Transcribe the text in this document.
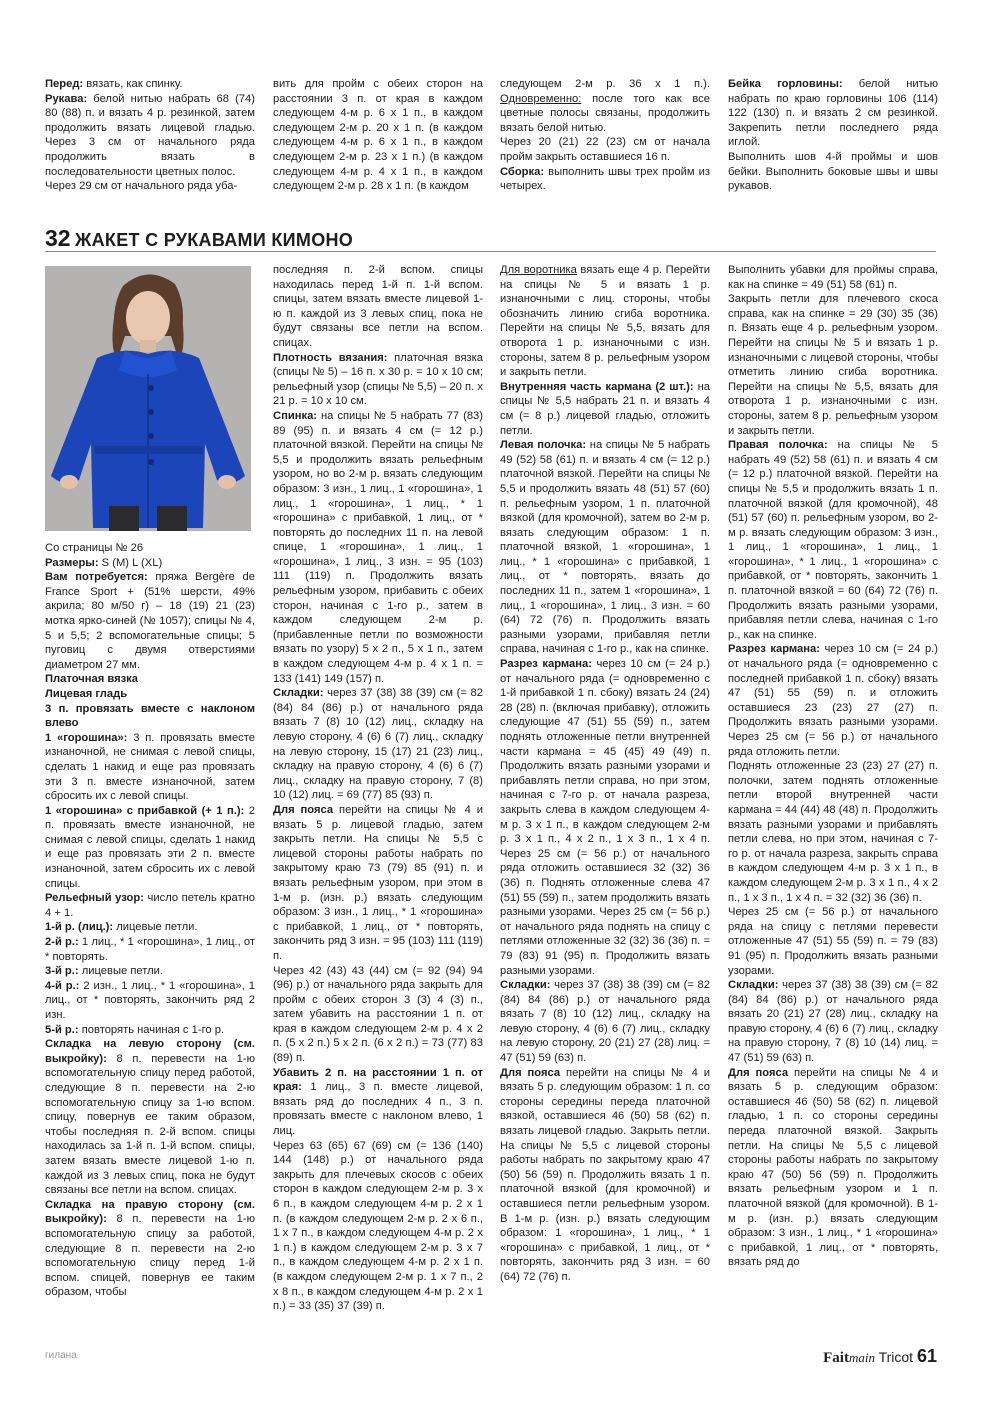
Перед: вязать, как спинку.

Рукава: белой нитью набрать 68 (74) 80 (88) п. и вязать 4 р. резинкой, затем продолжить вязать лицевой гладью. Через 3 см от начального ряда продолжить вязать в последовательности цветных полос.

Через 29 см от начального ряда уба-

вить для пройм с обеих сторон на расстоянии 3 п. от края в каждом следующем 4-м р. 6 х 1 п., в каждом следующем 2-м р. 20 х 1 п. (в каждом следующем 4-м р. 6 х 1 п., в каждом следующем 2-м р. 23 х 1 п.) (в каждом следующем 4-м р. 4 х 1 п., в каждом следующем 2-м р. 28 х 1 п. (в каждом

следующем 2-м р. 36 х 1 п.). Одновременно: после того как все цветные полосы связаны, продолжить вязать белой нитью.

Через 20 (21) 22 (23) см от начала пройм закрыть оставшиеся 16 п.

Сборка: выполнить швы трех пройм из четырех.

Бейка горловины: белой нитью набрать по краю горловины 106 (114) 122 (130) п. и вязать 2 см резинкой. Закрепить петли последнего ряда иглой.

Выполнить шов 4-й проймы и шов бейки. Выполнить боковые швы и швы рукавов.

32 ЖАКЕТ С РУКАВАМИ КИМОНО

Со страницы № 26

Размеры: S (M) L (XL)

Вам потребуется: пряжа Bergère de France Sport + (51% шерсти, 49% акрила; 80 м/50 г) – 18 (19) 21 (23) мотка ярко-синей (№ 1057); спицы № 4, 5 и 5,5; 2 вспомогательные спицы; 5 пуговиц с двумя отверстиями диаметром 27 мм.

Платочная вязка

Лицевая гладь

3 п. провязать вместе с наклоном влево

1 «горошина»: 3 п. провязать вместе изнаночной, не снимая с левой спицы, сделать 1 накид и еще раз провязать эти 3 п. вместе изнаночной, затем сбросить их с левой спицы.

1 «горошина» с прибавкой (+ 1 п.): 2 п. провязать вместе изнаночной, не снимая с левой спицы, сделать 1 накид и еще раз провязать эти 2 п. вместе изнаночной, затем сбросить их с левой спицы.

Рельефный узор: число петель кратно 4 + 1.

1-й р. (лиц.): лицевые петли.

2-й р.: 1 лиц., * 1 «горошина», 1 лиц., от * повторять.

3-й р.: лицевые петли.

4-й р.: 2 изн., 1 лиц., * 1 «горошина», 1 лиц., от * повторять, закончить ряд 2 изн.

5-й р.: повторять начиная с 1-го р.

Складка на левую сторону (см. выкройку): 8 п. перевести на 1-ю вспомогательную спицу перед работой, следующие 8 п. перевести на 2-ю вспомогательную спицу за 1-ю вспом. спицу, повернув ее таким образом, чтобы последняя п. 2-й вспом. спицы находилась за 1-й п. 1-й вспом. спицы, затем вязать вместе лицевой 1-ю п. каждой из 3 левых спиц, пока не будут связаны все петли на вспом. спицах.

Складка на правую сторону (см. выкройку): 8 п. перевести на 1-ю вспомогательную спицу за работой, следующие 8 п. перевести на 2-ю вспомогательную спицу перед 1-й вспом. спицей, повернув ее таким образом, чтобы

последняя п. 2-й вспом. спицы находилась перед 1-й п. 1-й вспом. спицы, затем вязать вместе лицевой 1-ю п. каждой из 3 левых спиц, пока не будут связаны все петли на вспом. спицах.

Плотность вязания: платочная вязка (спицы № 5) – 16 п. х 30 р. = 10 х 10 см; рельефный узор (спицы № 5,5) – 20 п. х 21 р. = 10 х 10 см.

Спинка: на спицы № 5 набрать 77 (83) 89 (95) п. и вязать 4 см (= 12 р.) платочной вязкой. Перейти на спицы № 5,5 и продолжить вязать рельефным узором, но во 2-м р. вязать следующим образом: 3 изн., 1 лиц., 1 «горошина», 1 лиц., 1 «горошина», 1 лиц., * 1 «горошина» с прибавкой, 1 лиц., от * повторять до последних 11 п. на левой спице, 1 «горошина», 1 лиц., 1 «горошина», 1 лиц., 3 изн. = 95 (103) 111 (119) п. Продолжить вязать рельефным узором, прибавить с обеих сторон, начиная с 1-го р., затем в каждом следующем 2-м р. (прибавленные петли по возможности вязать по узору) 5 х 2 п., 5 х 1 п., затем в каждом следующем 4-м р. 4 х 1 п. = 133 (141) 149 (157) п.

Складки: через 37 (38) 38 (39) см (= 82 (84) 84 (86) р.) от начального ряда вязать 7 (8) 10 (12) лиц., складку на левую сторону, 4 (6) 6 (7) лиц., складку на левую сторону, 15 (17) 21 (23) лиц., складку на правую сторону, 4 (6) 6 (7) лиц., складку на правую сторону, 7 (8) 10 (12) лиц. = 69 (77) 85 (93) п.

Для пояса перейти на спицы № 4 и вязать 5 р. лицевой гладью, затем закрыть петли. На спицы № 5,5 с лицевой стороны работы набрать по закрытому краю 73 (79) 85 (91) п. и вязать рельефным узором, при этом в 1-м р. (изн. р.) вязать следующим образом: 3 изн., 1 лиц., * 1 «горошина» с прибавкой, 1 лиц., от * повторять, закончить ряд 3 изн. = 95 (103) 111 (119) п.

Через 42 (43) 43 (44) см (= 92 (94) 94 (96) р.) от начального ряда закрыть для пройм с обеих сторон 3 (3) 4 (3) п., затем убавить на расстоянии 1 п. от края в каждом следующем 2-м р. 4 х 2 п. (5 х 2 п.) 5 х 2 п. (6 х 2 п.) = 73 (77) 83 (89) п.

Убавить 2 п. на расстоянии 1 п. от края: 1 лиц., 3 п. вместе лицевой, вязать ряд до последних 4 п., 3 п. провязать вместе с наклоном влево, 1 лиц.

Через 63 (65) 67 (69) см (= 136 (140) 144 (148) р.) от начального ряда закрыть для плечевых скосов с обеих сторон в каждом следующем 2-м р. 3 х 6 п., в каждом следующем 4-м р. 2 х 1 п. (в каждом следующем 2-м р. 2 х 6 п., 1 х 7 п., в каждом следующем 4-м р. 2 х 1 п.) в каждом следующем 2-м р. 3 х 7 п., в каждом следующем 4-м р. 2 х 1 п. (в каждом следующем 2-м р. 1 х 7 п., 2 х 8 п., в каждом следующем 4-м р. 2 х 1 п.) = 33 (35) 37 (39) п.

Для воротника вязать еще 4 р. Перейти на спицы № 5 и вязать 1 р. изнаночными с лиц. стороны, чтобы обозначить линию сгиба воротника. Перейти на спицы № 5,5, вязать для отворота 1 р. изнаночными с изн. стороны, затем 8 р. рельефным узором и закрыть петли.

Внутренняя часть кармана (2 шт.): на спицы № 5,5 набрать 21 п. и вязать 4 см (= 8 р.) лицевой гладью, отложить петли.

Левая полочка: на спицы № 5 набрать 49 (52) 58 (61) п. и вязать 4 см (= 12 р.) платочной вязкой. Перейти на спицы № 5,5 и продолжить вязать 48 (51) 57 (60) п. рельефным узором, 1 п. платочной вязкой (для кромочной), затем во 2-м р. вязать следующим образом: 1 п. платочной вязкой, 1 «горошина», 1 лиц., * 1 «горошина» с прибавкой, 1 лиц., от * повторять, вязать до последних 11 п., затем 1 «горошина», 1 лиц., 1 «горошина», 1 лиц., 3 изн. = 60 (64) 72 (76) п. Продолжить вязать разными узорами, прибавляя петли справа, начиная с 1-го р., как на спинке.

Разрез кармана: через 10 см (= 24 р.) от начального ряда (= одновременно с 1-й прибавкой 1 п. сбоку) вязать 24 (24) 28 (28) п. (включая прибавку), отложить следующие 47 (51) 55 (59) п., затем поднять отложенные петли внутренней части кармана = 45 (45) 49 (49) п. Продолжить вязать разными узорами и прибавлять петли справа, но при этом, начиная с 7-го р. от начала разреза, закрыть слева в каждом следующем 4-м р. 3 х 1 п., в каждом следующем 2-м р. 3 х 1 п., 4 х 2 п., 1 х 3 п., 1 х 4 п. Через 25 см (= 56 р.) от начального ряда отложить оставшиеся 32 (32) 36 (36) п. Поднять отложенные слева 47 (51) 55 (59) п., затем продолжить вязать разными узорами. Через 25 см (= 56 р.) от начального ряда поднять на спицу с петлями отложенные 32 (32) 36 (36) п. = 79 (83) 91 (95) п. Продолжить вязать разными узорами.

Складки: через 37 (38) 38 (39) см (= 82 (84) 84 (86) р.) от начального ряда вязать 7 (8) 10 (12) лиц., складку на левую сторону, 4 (6) 6 (7) лиц., складку на левую сторону, 20 (21) 27 (28) лиц. = 47 (51) 59 (63) п.

Для пояса перейти на спицы № 4 и вязать 5 р. следующим образом: 1 п. со стороны середины переда платочной вязкой, оставшиеся 46 (50) 58 (62) п. вязать лицевой гладью. Закрыть петли. На спицы № 5,5 с лицевой стороны работы набрать по закрытому краю 47 (50) 56 (59) п. Продолжить вязать 1 п. платочной вязкой (для кромочной) и оставшиеся петли рельефным узором. В 1-м р. (изн. р.) вязать следующим образом: 1 «горошина», 1 лиц., * 1 «горошина» с прибавкой, 1 лиц., от * повторять, закончить ряд 3 изн. = 60 (64) 72 (76) п.

Выполнить убавки для проймы справа, как на спинке = 49 (51) 58 (61) п.

Закрыть петли для плечевого скоса справа, как на спинке = 29 (30) 35 (36) п. Вязать еще 4 р. рельефным узором. Перейти на спицы № 5 и вязать 1 р. изнаночными с лицевой стороны, чтобы отметить линию сгиба воротника. Перейти на спицы № 5,5, вязать для отворота 1 р. изнаночными с изн. стороны, затем 8 р. рельефным узором и закрыть петли.

Правая полочка: на спицы № 5 набрать 49 (52) 58 (61) п. и вязать 4 см (= 12 р.) платочной вязкой. Перейти на спицы № 5,5 и продолжить вязать 1 п. платочной вязкой (для кромочной), 48 (51) 57 (60) п. рельефным узором, во 2-м р. вязать следующим образом: 3 изн., 1 лиц., 1 «горошина», 1 лиц., 1 «горошина», * 1 лиц., 1 «горошина» с прибавкой, от * повторять, закончить 1 п. платочной вязкой = 60 (64) 72 (76) п. Продолжить вязать разными узорами, прибавляя петли слева, начиная с 1-го р., как на спинке.

Разрез кармана: через 10 см (= 24 р.) от начального ряда (= одновременно с последней прибавкой 1 п. сбоку) вязать 47 (51) 55 (59) п. и отложить оставшиеся 23 (23) 27 (27) п. Продолжить вязать разными узорами. Через 25 см (= 56 р.) от начального ряда отложить петли.

Поднять отложенные 23 (23) 27 (27) п. полочки, затем поднять отложенные петли второй внутренней части кармана = 44 (44) 48 (48) п. Продолжить вязать разными узорами и прибавлять петли слева, но при этом, начиная с 7-го р. от начала разреза, закрыть справа в каждом следующем 4-м р. 3 х 1 п., в каждом следующем 2-м р. 3 х 1 п., 4 х 2 п., 1 х 3 п., 1 х 4 п. = 32 (32) 36 (36) п.

Через 25 см (= 56 р.) от начального ряда на спицу с петлями перевести отложенные 47 (51) 55 (59) п. = 79 (83) 91 (95) п. Продолжить вязать разными узорами.

Складки: через 37 (38) 38 (39) см (= 82 (84) 84 (86) р.) от начального ряда вязать 20 (21) 27 (28) лиц., складку на правую сторону, 4 (6) 6 (7) лиц., складку на правую сторону, 7 (8) 10 (14) лиц. = 47 (51) 59 (63) п.

Для пояса перейти на спицы № 4 и вязать 5 р. следующим образом: оставшиеся 46 (50) 58 (62) п. лицевой гладью, 1 п. со стороны середины переда платочной вязкой. Закрыть петли. На спицы № 5,5 с лицевой стороны работы набрать по закрытому краю 47 (50) 56 (59) п. Продолжить вязать рельефным узором и 1 п. платочной вязкой (для кромочной). В 1-м р. (изн. р.) вязать следующим образом: 3 изн., 1 лиц., * 1 «горошина» с прибавкой, 1 лиц., от * повторять, вязать ряд до

гилана	Faitmain Tricot 61
